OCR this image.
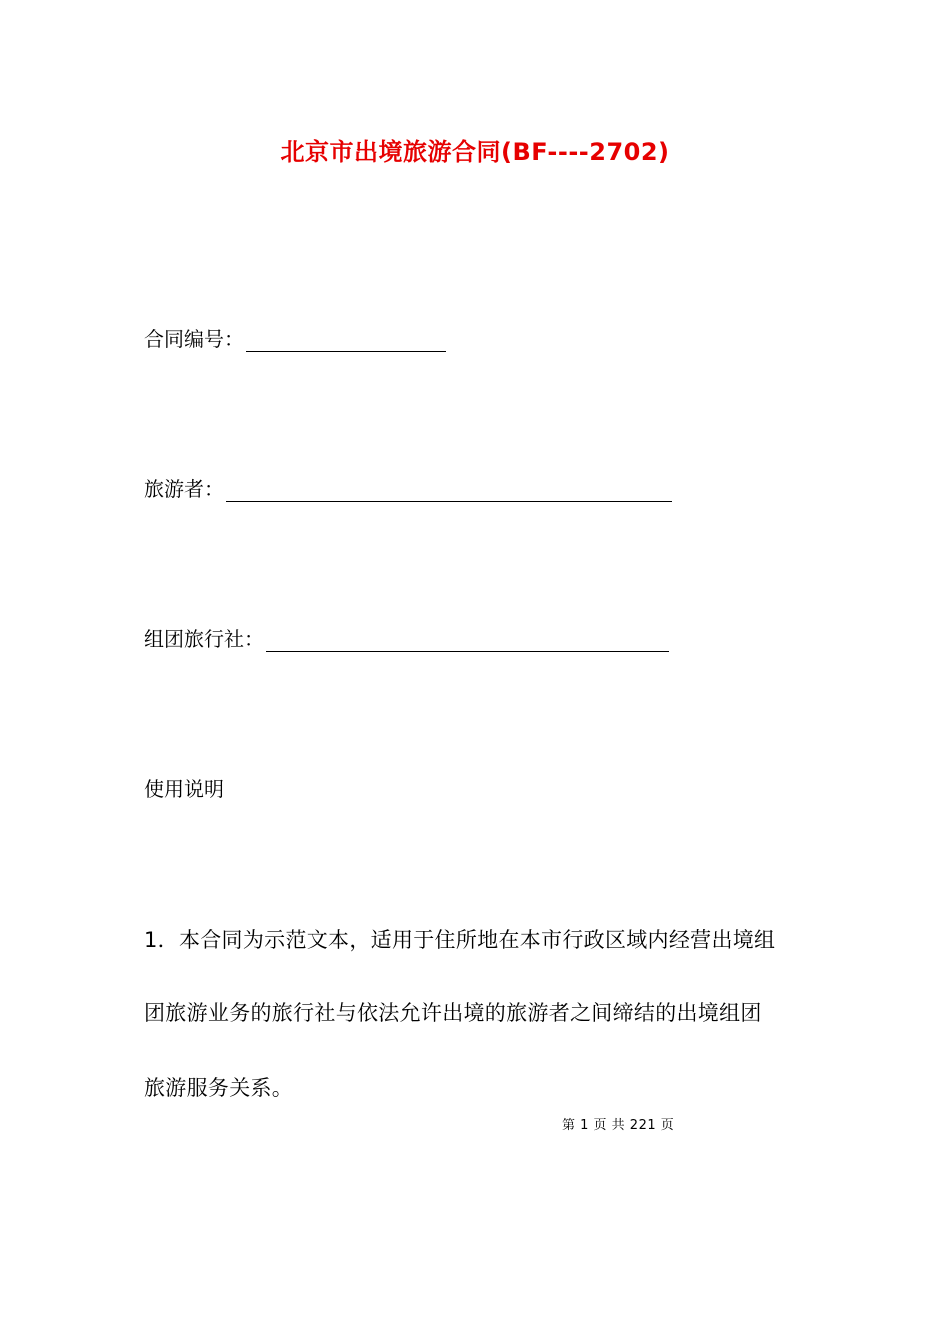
北京市出境旅游合同(BF----2702)
合同编号：
旅游者：
组团旅行社：
使用说明
1．本合同为示范文本，适用于住所地在本市行政区域内经营出境组
团旅游业务的旅行社与依法允许出境的旅游者之间缔结的出境组团
旅游服务关系。
第 1 页 共 221 页
